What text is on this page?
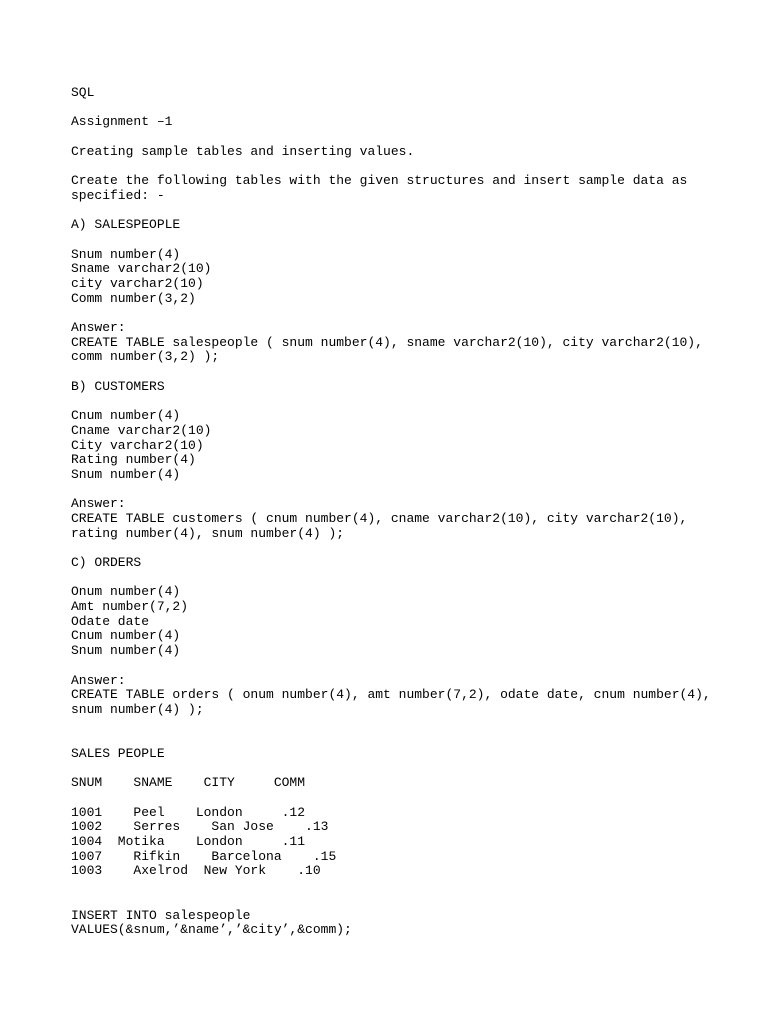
SQL
Assignment –1
Creating sample tables and inserting values.
Create the following tables with the given structures and insert sample data as
specified: -
A) SALESPEOPLE
Snum number(4)
Sname varchar2(10)
city varchar2(10)
Comm number(3,2)
Answer:
CREATE TABLE salespeople ( snum number(4), sname varchar2(10), city varchar2(10),
comm number(3,2) );
B) CUSTOMERS
Cnum number(4)
Cname varchar2(10)
City varchar2(10)
Rating number(4)
Snum number(4)
Answer:
CREATE TABLE customers ( cnum number(4), cname varchar2(10), city varchar2(10),
rating number(4), snum number(4) );
C) ORDERS
Onum number(4)
Amt number(7,2)
Odate date
Cnum number(4)
Snum number(4)
Answer:
CREATE TABLE orders ( onum number(4), amt number(7,2), odate date, cnum number(4),
snum number(4) );
SALES PEOPLE
SNUM    SNAME    CITY     COMM
1001    Peel    London     .12
1002    Serres    San Jose    .13
1004  Motika    London     .11
1007    Rifkin    Barcelona    .15
1003    Axelrod  New York    .10
INSERT INTO salespeople
VALUES(&snum,’&name’,’&city’,&comm);
